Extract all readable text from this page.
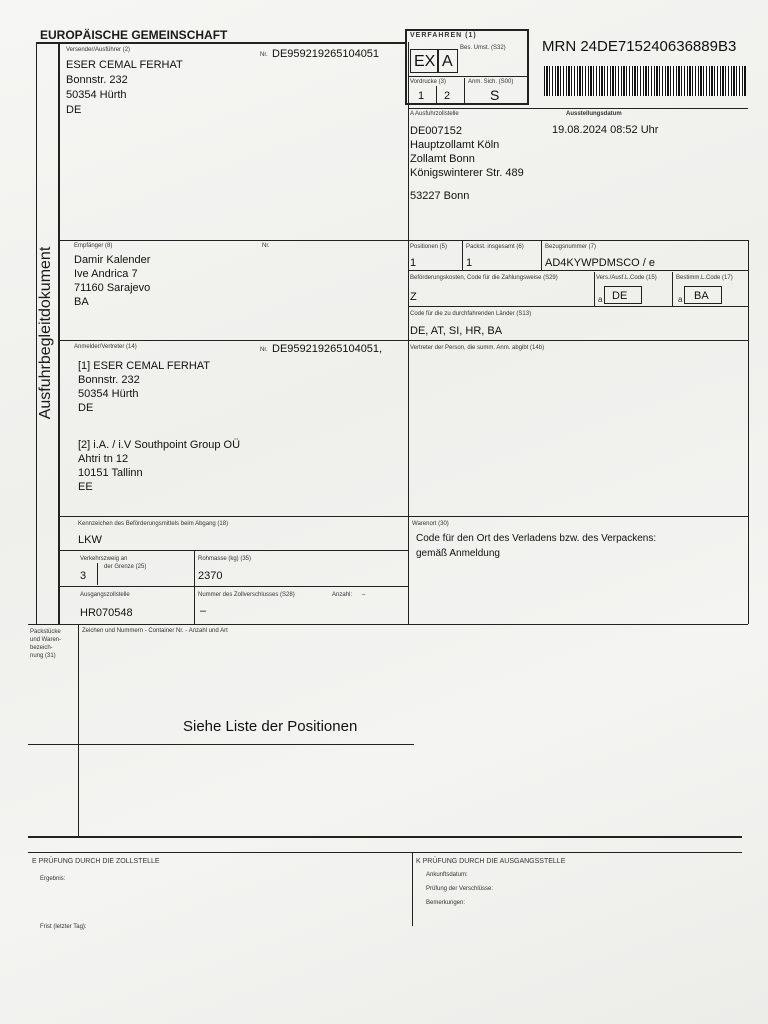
EUROPÄISCHE GEMEINSCHAFT	VERFAHREN (1)
EX A
Bes. Umst. (S32)
Vordrucke (3)
1 2
Anm. Sich. (S00)
S
MRN 24DE715240636889B3
Versender/Ausführer (2)
Nr. DE959219265104051
ESER CEMAL FERHAT
Bonnstr. 232
50354 Hürth
DE	A Ausfuhrzollstelle	Ausstellungsdatum
DE007152
Hauptzollamt Köln
Zollamt Bonn
Königswinterer Str. 489
53227 Bonn
19.08.2024 08:52 Uhr
Ausfuhrbegleitdokument
Empfänger (8)	Nr.
Damir Kalender
Ive Andrica 7
71160 Sarajevo
BA
Positionen (5)
1
Packst. insgesamt (6)
1
Bezugsnummer (7)
AD4KYWPDMSCO / e
Beförderungskosten, Code für die Zahlungsweise (S29)
Z
Vers./Ausf.L.Code (15)
a DE
Bestimm.L.Code (17)
a BA
Code für die zu durchfahrenden Länder (S13)
DE, AT, SI, HR, BA
Anmelder/Vertreter (14)	Nr. DE959219265104051,
[1] ESER CEMAL FERHAT
Bonnstr. 232
50354 Hürth
DE
[2] i.A. / i.V Southpoint Group OÜ
Ahtri tn 12
10151 Tallinn
EE
Vertreter der Person, die summ. Anm. abgibt (14b)
Kennzeichen des Beförderungsmittels beim Abgang (18)
LKW
Warenort (30)
Code für den Ort des Verladens bzw. des Verpackens:
gemäß Anmeldung
Verkehrszweig an
der Grenze (25)
3
Rohmasse (kg) (35)
2370
Ausgangszollstelle
HR070548
Nummer des Zollverschlusses (S28)
–
Anzahl: –
Packstücke
und Waren-
bezeich-
nung (31)
Zeichen und Nummern - Container Nr. - Anzahl und Art
Siehe Liste der Positionen
E PRÜFUNG DURCH DIE ZOLLSTELLE
Ergebnis:
Frist (letzter Tag):
K PRÜFUNG DURCH DIE AUSGANGSSTELLE
Ankunftsdatum:
Prüfung der Verschlüsse:
Bemerkungen:
